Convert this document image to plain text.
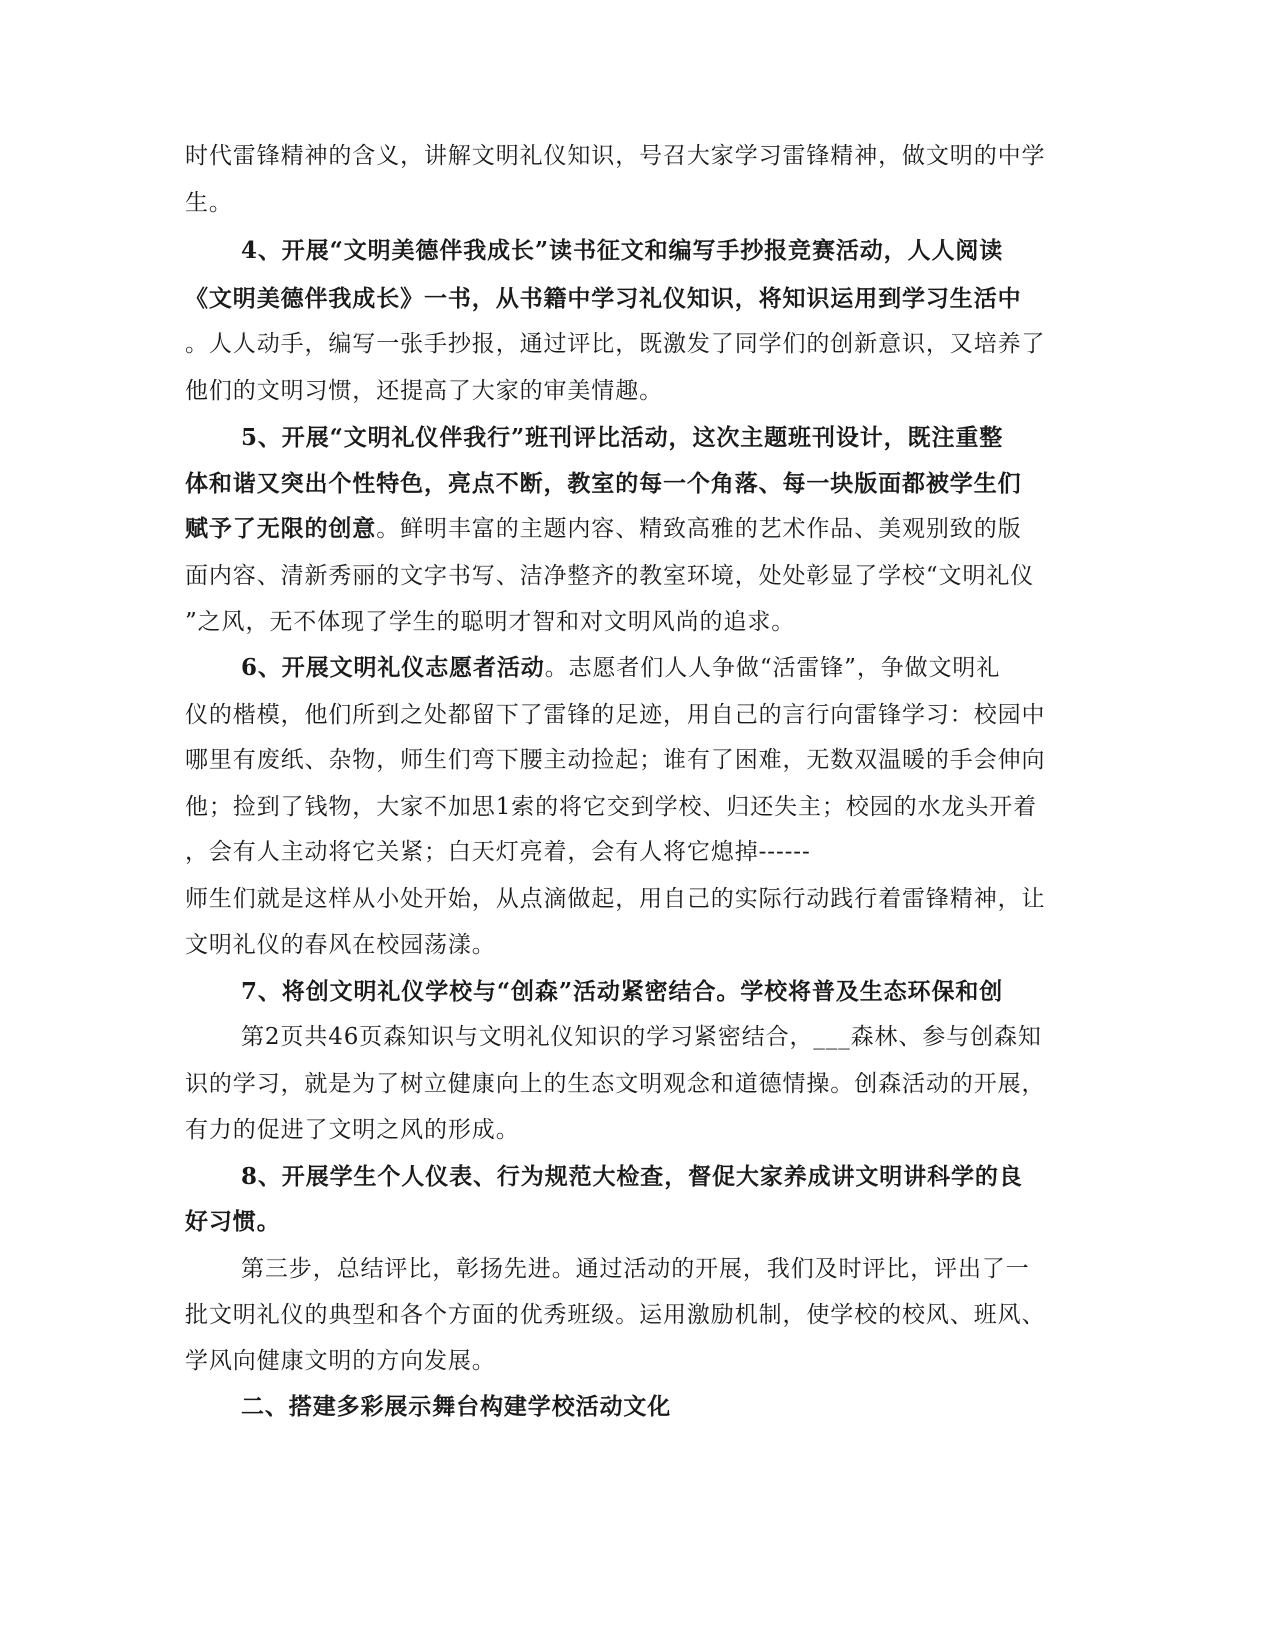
时代雷锋精神的含义，讲解文明礼仪知识，号召大家学习雷锋精神，做文明的中学
生。
4、开展“文明美德伴我成长”读书征文和编写手抄报竞赛活动，人人阅读
《文明美德伴我成长》一书，从书籍中学习礼仪知识，将知识运用到学习生活中
。人人动手，编写一张手抄报，通过评比，既激发了同学们的创新意识，又培养了
他们的文明习惯，还提高了大家的审美情趣。
5、开展“文明礼仪伴我行”班刊评比活动，这次主题班刊设计，既注重整
体和谐又突出个性特色，亮点不断，教室的每一个角落、每一块版面都被学生们
赋予了无限的创意。鲜明丰富的主题内容、精致高雅的艺术作品、美观别致的版
面内容、清新秀丽的文字书写、洁净整齐的教室环境，处处彰显了学校“文明礼仪
”之风，无不体现了学生的聪明才智和对文明风尚的追求。
6、开展文明礼仪志愿者活动。志愿者们人人争做“活雷锋”，争做文明礼
仪的楷模，他们所到之处都留下了雷锋的足迹，用自己的言行向雷锋学习：校园中
哪里有废纸、杂物，师生们弯下腰主动捡起；谁有了困难，无数双温暖的手会伸向
他；捡到了钱物，大家不加思1索的将它交到学校、归还失主；校园的水龙头开着
，会有人主动将它关紧；白天灯亮着，会有人将它熄掉------
师生们就是这样从小处开始，从点滴做起，用自己的实际行动践行着雷锋精神，让
文明礼仪的春风在校园荡漾。
7、将创文明礼仪学校与“创森”活动紧密结合。学校将普及生态环保和创
第2页共46页森知识与文明礼仪知识的学习紧密结合，___森林、参与创森知
识的学习，就是为了树立健康向上的生态文明观念和道德情操。创森活动的开展，
有力的促进了文明之风的形成。
8、开展学生个人仪表、行为规范大检查，督促大家养成讲文明讲科学的良
好习惯。
第三步，总结评比，彰扬先进。通过活动的开展，我们及时评比，评出了一
批文明礼仪的典型和各个方面的优秀班级。运用激励机制，使学校的校风、班风、
学风向健康文明的方向发展。
二、搭建多彩展示舞台构建学校活动文化
